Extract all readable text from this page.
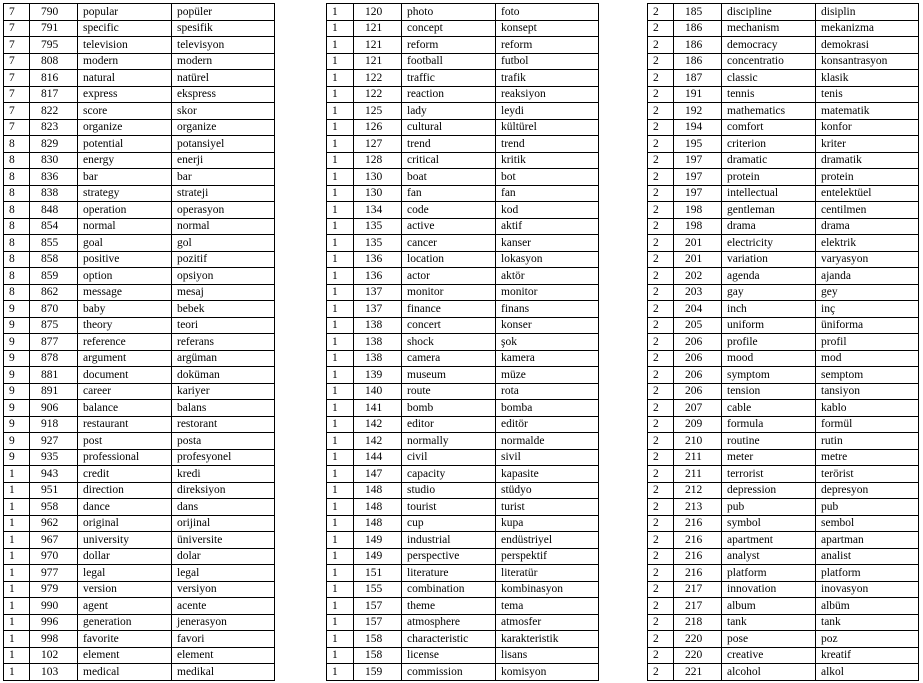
7	790	popular	popüler
7	791	specific	spesifik
7	795	television	televisyon
7	808	modern	modern
7	816	natural	natürel
7	817	express	ekspress
7	822	score	skor
7	823	organize	organize
8	829	potential	potansiyel
8	830	energy	enerji
8	836	bar	bar
8	838	strategy	strateji
8	848	operation	operasyon
8	854	normal	normal
8	855	goal	gol
8	858	positive	pozitif
8	859	option	opsiyon
8	862	message	mesaj
9	870	baby	bebek
9	875	theory	teori
9	877	reference	referans
9	878	argument	argüman
9	881	document	doküman
9	891	career	kariyer
9	906	balance	balans
9	918	restaurant	restorant
9	927	post	posta
9	935	professional	profesyonel
1	943	credit	kredi
1	951	direction	direksiyon
1	958	dance	dans
1	962	original	orijinal
1	967	university	üniversite
1	970	dollar	dolar
1	977	legal	legal
1	979	version	versiyon
1	990	agent	acente
1	996	generation	jenerasyon
1	998	favorite	favori
1	102	element	element
1	103	medical	medikal
1	120	photo	foto
1	121	concept	konsept
1	121	reform	reform
1	121	football	futbol
1	122	traffic	trafik
1	122	reaction	reaksiyon
1	125	lady	leydi
1	126	cultural	kültürel
1	127	trend	trend
1	128	critical	kritik
1	130	boat	bot
1	130	fan	fan
1	134	code	kod
1	135	active	aktif
1	135	cancer	kanser
1	136	location	lokasyon
1	136	actor	aktör
1	137	monitor	monitor
1	137	finance	finans
1	138	concert	konser
1	138	shock	şok
1	138	camera	kamera
1	139	museum	müze
1	140	route	rota
1	141	bomb	bomba
1	142	editor	editör
1	142	normally	normalde
1	144	civil	sivil
1	147	capacity	kapasite
1	148	studio	stüdyo
1	148	tourist	turist
1	148	cup	kupa
1	149	industrial	endüstriyel
1	149	perspective	perspektif
1	151	literature	literatür
1	155	combination	kombinasyon
1	157	theme	tema
1	157	atmosphere	atmosfer
1	158	characteristic	karakteristik
1	158	license	lisans
1	159	commission	komisyon
2	185	discipline	disiplin
2	186	mechanism	mekanizma
2	186	democracy	demokrasi
2	186	concentratio	konsantrasyon
2	187	classic	klasik
2	191	tennis	tenis
2	192	mathematics	matematik
2	194	comfort	konfor
2	195	criterion	kriter
2	197	dramatic	dramatik
2	197	protein	protein
2	197	intellectual	entelektüel
2	198	gentleman	centilmen
2	198	drama	drama
2	201	electricity	elektrik
2	201	variation	varyasyon
2	202	agenda	ajanda
2	203	gay	gey
2	204	inch	inç
2	205	uniform	üniforma
2	206	profile	profil
2	206	mood	mod
2	206	symptom	semptom
2	206	tension	tansiyon
2	207	cable	kablo
2	209	formula	formül
2	210	routine	rutin
2	211	meter	metre
2	211	terrorist	terörist
2	212	depression	depresyon
2	213	pub	pub
2	216	symbol	sembol
2	216	apartment	apartman
2	216	analyst	analist
2	216	platform	platform
2	217	innovation	inovasyon
2	217	album	albüm
2	218	tank	tank
2	220	pose	poz
2	220	creative	kreatif
2	221	alcohol	alkol
